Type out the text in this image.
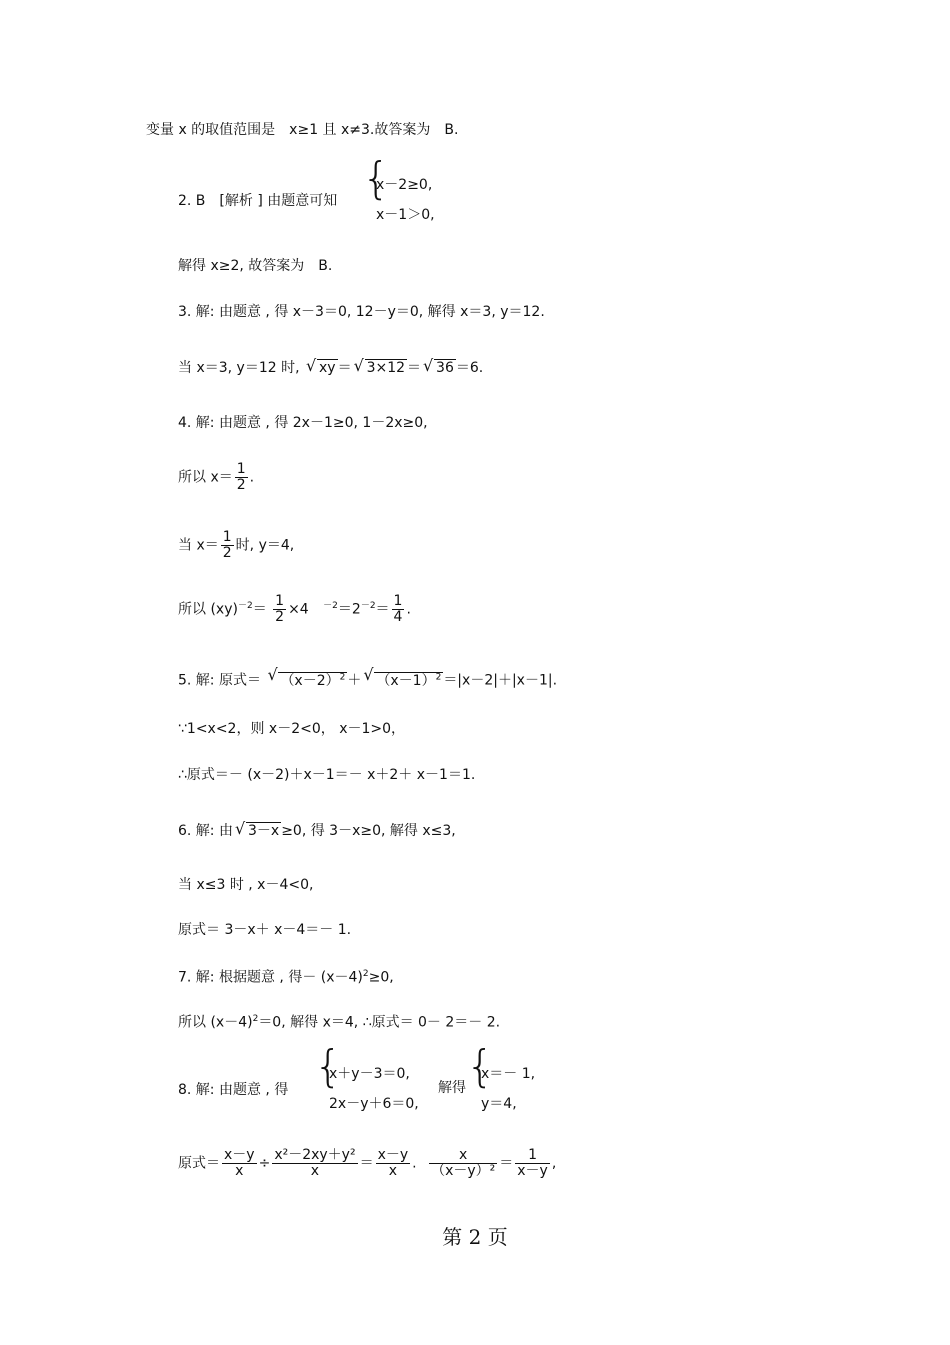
变量 x 的取值范围是　x≥1 且 x≠3.故答案为　B.
2. B　[解析 ] 由题意可知 {
x－2≥0,
x－1＞0,
解得 x≥2, 故答案为　B.
3. 解: 由题意 , 得 x－3＝0, 12－y＝0, 解得 x＝3, y＝12.
当 x＝3, y＝12 时, √ xy ＝ √ 3×12 ＝ √ 36 ＝6.
4. 解: 由题意 , 得 2x－1≥0, 1－2x≥0,
所以 $x= \frac{1}{2}$ .
当 $x= \frac{1}{2}$ 时, y＝4,
所以 $(xy)^{-2}= \frac{1}{2} \times 4$ $^{-2}=2^{-2}= \frac{1}{4}$ .
5. 解: 原式＝ √ $(x-2)^2$ ＋ √ $(x-1)^2 =|x-2|+|x-1|$.
∵1<x<2，则 x－2<0， x－1>0，
∴原式＝－ (x－2)＋x－1＝－ x＋2＋ x－1＝1.
6. 解: 由 √ 3－x ≥0, 得 3－x≥0, 解得 x≤3,
当 x≤3 时 , x－4<0,
原式＝ 3－x＋ x－4＝－ 1.
7. 解: 根据题意 , 得－ $(x-4)^2\ge 0$,
所以 $(x-4)^2=0$, 解得 x＝4, ∴原式＝ 0－ 2＝－ 2.
8. 解: 由题意 , 得 {
x＋y－3＝0,
2x－y＋6＝0,
解得 {
x＝－ 1,
y＝4,
原式＝ $\frac{x-y}{x} \div \frac{\text{x²－2xy＋y²}}{x} = \frac{x-y}{x}$ . $\frac{x}{\text{（x－y）²}} = \frac{1}{x-y}$ ,
第 2 页
